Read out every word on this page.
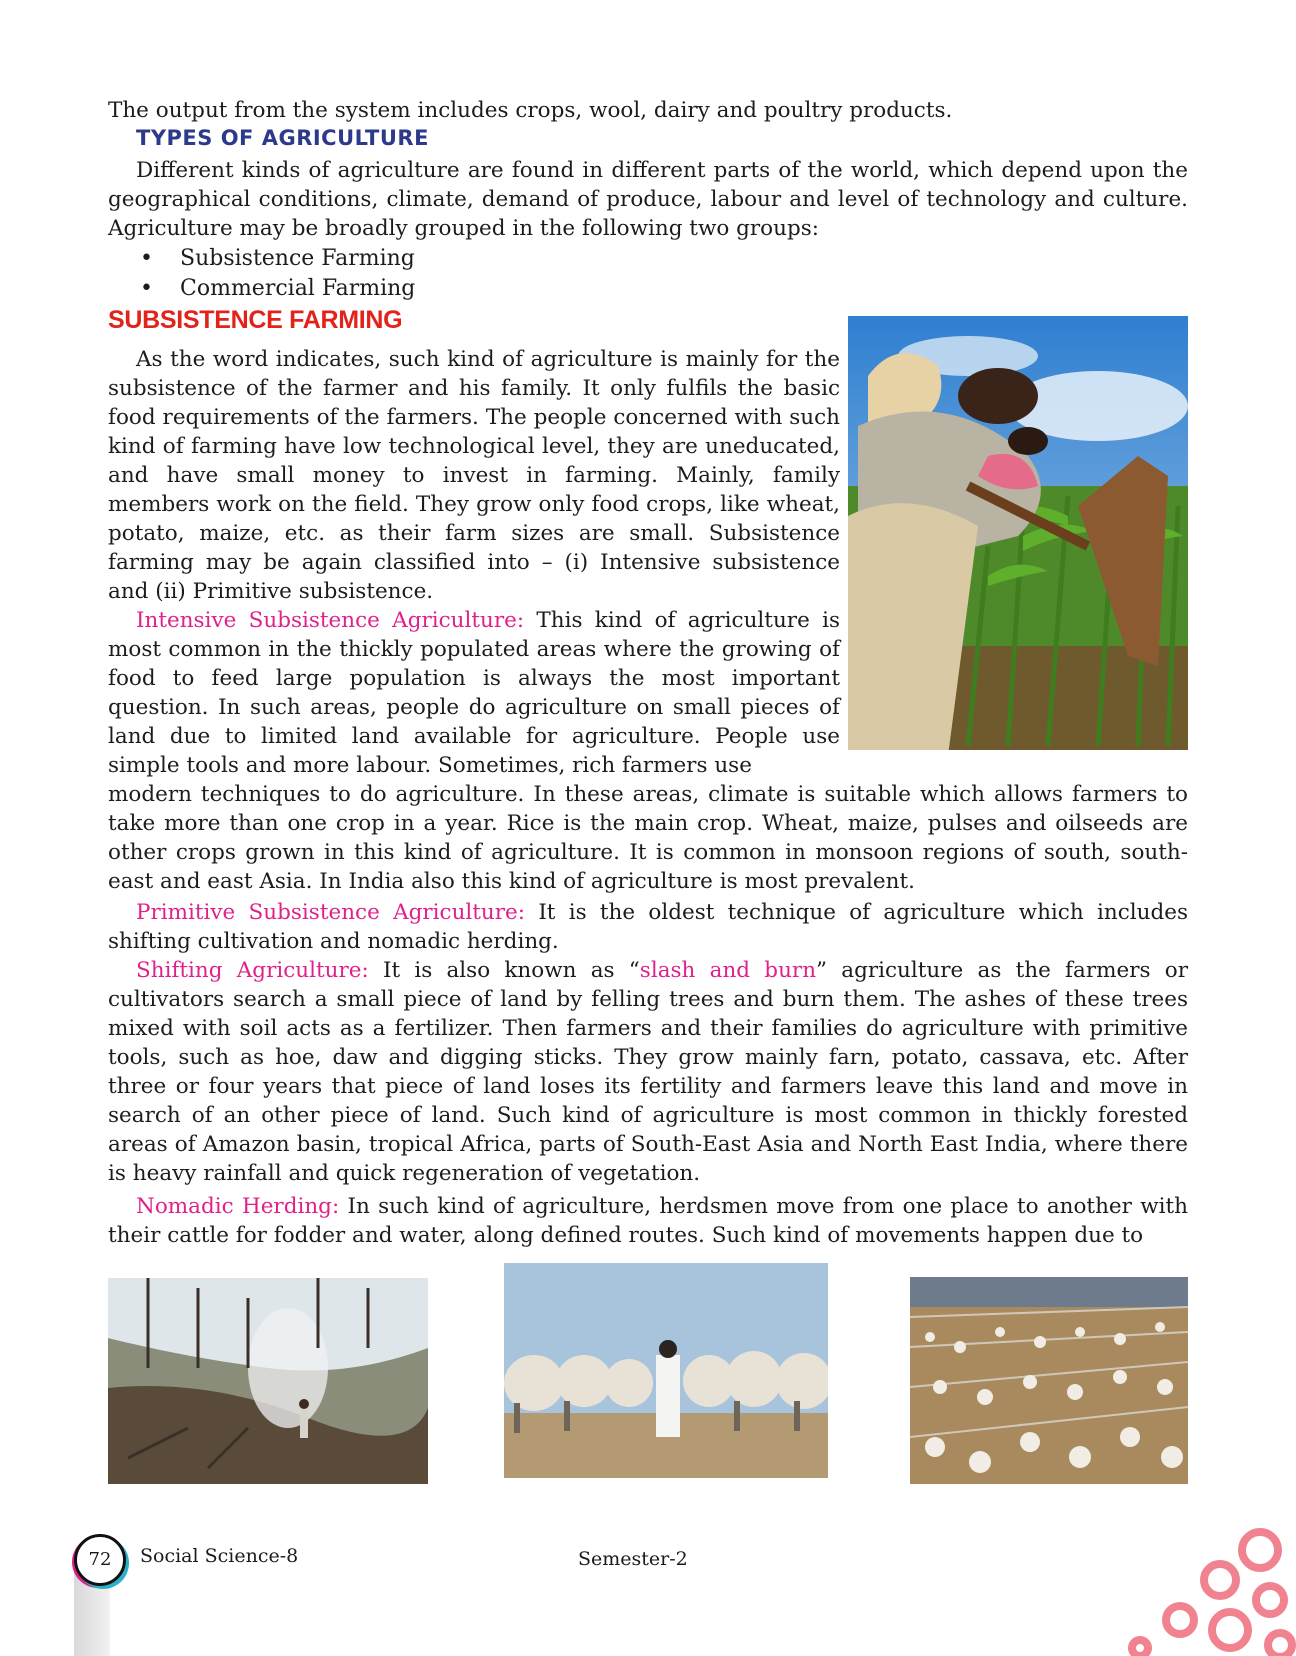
The output from the system includes crops, wool, dairy and poultry products.

TYPES OF AGRICULTURE

Different kinds of agriculture are found in different parts of the world, which depend upon the geographical conditions, climate, demand of produce, labour and level of technology and culture. Agriculture may be broadly grouped in the following two groups:

• Subsistence Farming
• Commercial Farming
SUBSISTENCE FARMING

As the word indicates, such kind of agriculture is mainly for the subsistence of the farmer and his family. It only fulfils the basic food requirements of the farmers. The people concerned with such kind of farming have low technological level, they are uneducated, and have small money to invest in farming. Mainly, family members work on the field. They grow only food crops, like wheat, potato, maize, etc. as their farm sizes are small. Subsistence farming may be again classified into – (i) Intensive subsistence and (ii) Primitive subsistence.

Intensive Subsistence Agriculture: This kind of agriculture is most common in the thickly populated areas where the growing of food to feed large population is always the most important question. In such areas, people do agriculture on small pieces of land due to limited land available for agriculture. People use simple tools and more labour. Sometimes, rich farmers use

modern techniques to do agriculture. In these areas, climate is suitable which allows farmers to take more than one crop in a year. Rice is the main crop. Wheat, maize, pulses and oilseeds are other crops grown in this kind of agriculture. It is common in monsoon regions of south, south-east and east Asia. In India also this kind of agriculture is most prevalent.

Primitive Subsistence Agriculture: It is the oldest technique of agriculture which includes shifting cultivation and nomadic herding.

Shifting Agriculture: It is also known as “slash and burn” agriculture as the farmers or cultivators search a small piece of land by felling trees and burn them. The ashes of these trees mixed with soil acts as a fertilizer. Then farmers and their families do agriculture with primitive tools, such as hoe, daw and digging sticks. They grow mainly farn, potato, cassava, etc. After three or four years that piece of land loses its fertility and farmers leave this land and move in search of an other piece of land. Such kind of agriculture is most common in thickly forested areas of Amazon basin, tropical Africa, parts of South-East Asia and North East India, where there is heavy rainfall and quick regeneration of vegetation.

Nomadic Herding: In such kind of agriculture, herdsmen move from one place to another with their cattle for fodder and water, along defined routes. Such kind of movements happen due to

72	Social Science-8	Semester-2
